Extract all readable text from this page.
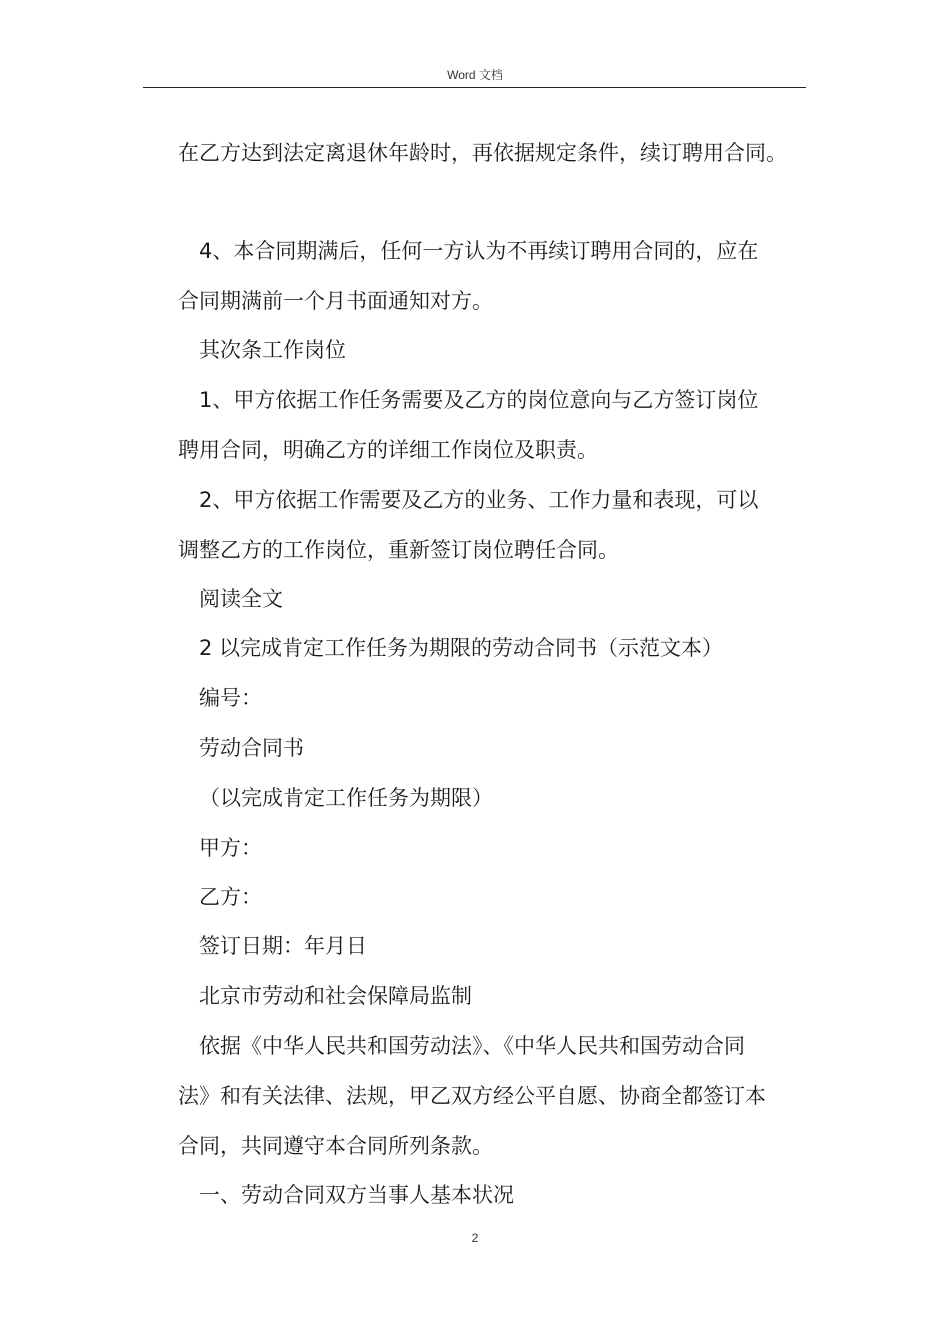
Word 文档
在乙方达到法定离退休年龄时，再依据规定条件，续订聘用合同。
4、本合同期满后，任何一方认为不再续订聘用合同的，应在
合同期满前一个月书面通知对方。
其次条工作岗位
1、甲方依据工作任务需要及乙方的岗位意向与乙方签订岗位
聘用合同，明确乙方的详细工作岗位及职责。
2、甲方依据工作需要及乙方的业务、工作力量和表现，可以
调整乙方的工作岗位，重新签订岗位聘任合同。
阅读全文
2 以完成肯定工作任务为期限的劳动合同书（示范文本）
编号：
劳动合同书
（以完成肯定工作任务为期限）
甲方：
乙方：
签订日期：年月日
北京市劳动和社会保障局监制
依据《中华人民共和国劳动法》、《中华人民共和国劳动合同
法》和有关法律、法规，甲乙双方经公平自愿、协商全都签订本
合同，共同遵守本合同所列条款。
一、劳动合同双方当事人基本状况
2
